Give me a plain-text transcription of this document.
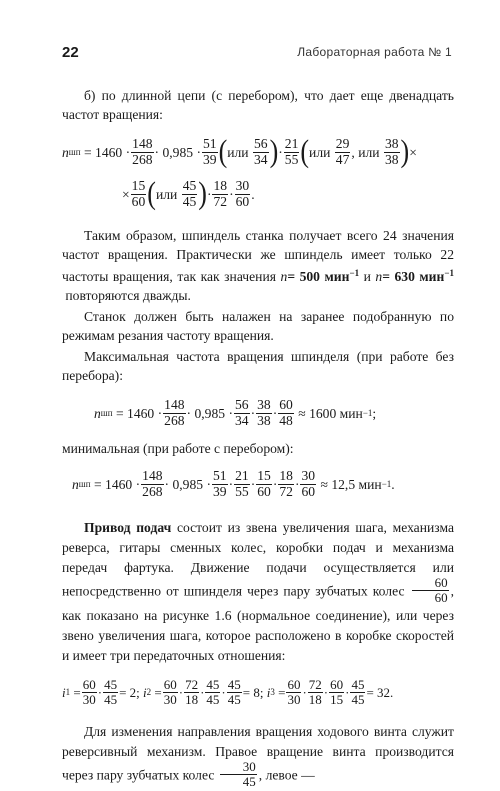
22	Лабораторная работа № 1

б) по длинной цепи (с перебором), что дает еще двенадцать частот вращения:

n шп
= $1460 \cdot \frac{148}{268} \cdot 0,985 \cdot \frac{51}{39}$ ( или
$\frac{56}{34}$ ) · $\frac{21}{55}$ ( или
$\frac{29}{47}$ , или
$\frac{38}{38}$ ) ×
× $\frac{15}{60}$ ( или
$\frac{45}{45}$ ) · $\frac{18}{72} \cdot \frac{30}{60}$ .

Таким образом, шпиндель станка получает всего 24 значения частот вращения. Практически же шпиндель имеет только 22 частоты вращения, так как значения n= 500 мин$^{-1}$ и n= 630 мин$^{-1}$ повторяются дважды.

Станок должен быть налажен на заранее подобранную по режимам резания частоту вращения.

Максимальная частота вращения шпинделя (при работе без перебора):

n шп
= $1460 \cdot \frac{148}{268} \cdot 0,985 \cdot \frac{56}{34} \cdot \frac{38}{38} \cdot \frac{60}{48}$
≈ 1600
мин −1 ;

минимальная (при работе с перебором):

n шп
= $1460 \cdot \frac{148}{268} \cdot 0,985 \cdot \frac{51}{39} \cdot \frac{21}{55} \cdot \frac{15}{60} \cdot \frac{18}{72} \cdot \frac{30}{60}$
≈ 12,5
мин −1 .

Привод подач состоит из звена увеличения шага, механизма реверса, гитары сменных колес, коробки подач и механизма передач фартука. Движение подачи осуществляется или непосредственно от шпинделя через пару зубчатых колес $\frac{60}{60}$ , как показано на рисунке 1.6 (нормальное соединение), или через звено увеличения шага, которое расположено в коробке скоростей и имеет три передаточных отношения:

i 1
= $\frac{60}{30} \cdot \frac{45}{45} = 2$;
i 2
= $\frac{60}{30} \cdot \frac{72}{18} \cdot \frac{45}{45} \cdot \frac{45}{45} = 8$;
i 3
= $\frac{60}{30} \cdot \frac{72}{18} \cdot \frac{60}{15} \cdot \frac{45}{45} = 32$.

Для изменения направления вращения ходового винта служит реверсивный механизм. Правое вращение винта производится через пару зубчатых колес $\frac{30}{45}$ , левое —
